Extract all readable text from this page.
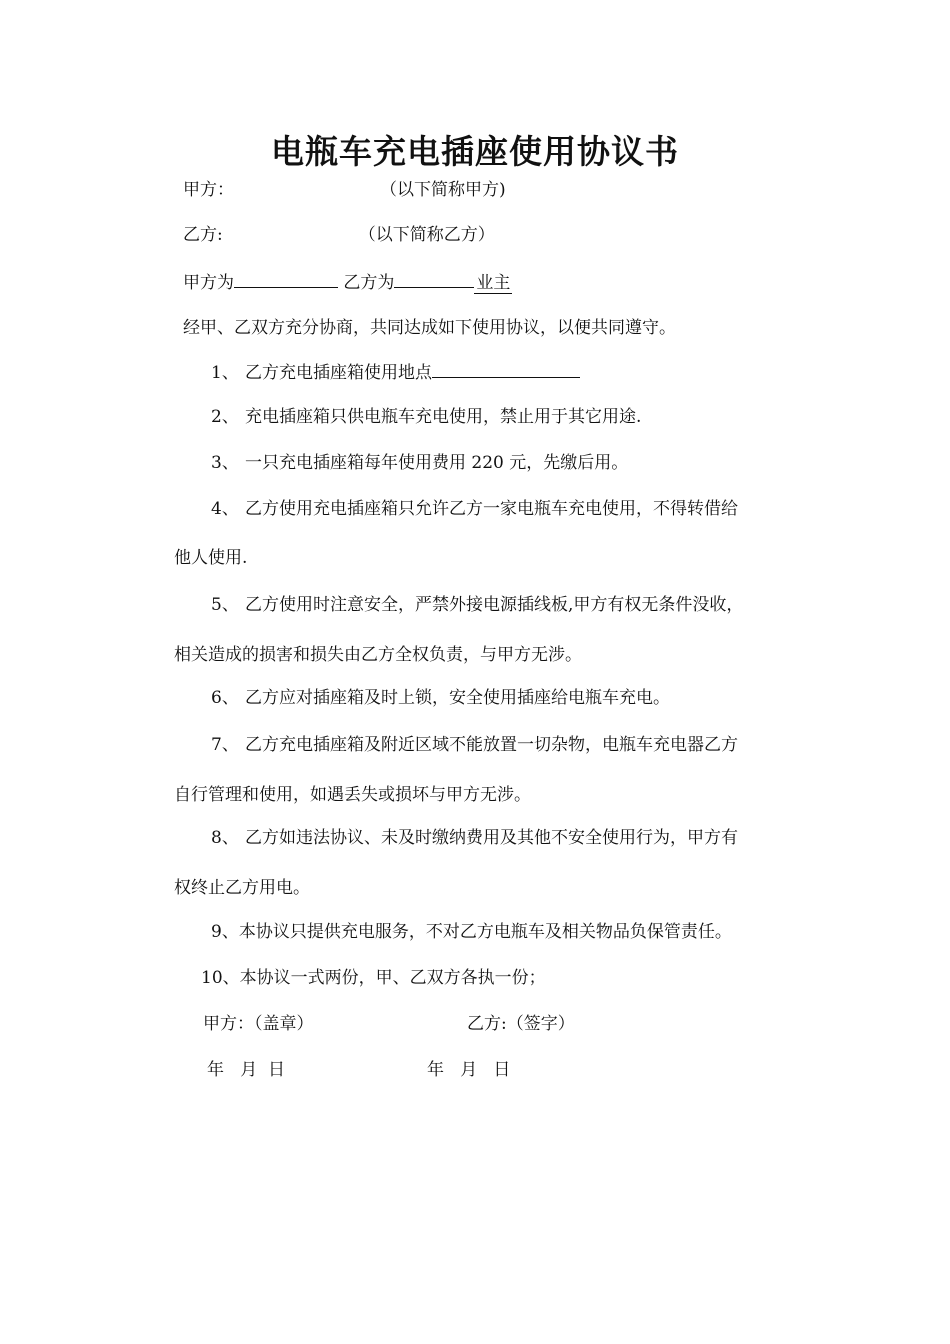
电瓶车充电插座使用协议书
甲方：	（以下简称甲方)
乙方:	（以下简称乙方）
甲方为	乙方为	业主
经甲、乙双方充分协商，共同达成如下使用协议，以便共同遵守。
1、 乙方充电插座箱使用地点
2、 充电插座箱只供电瓶车充电使用，禁止用于其它用途.
3、 一只充电插座箱每年使用费用 220 元，先缴后用。
4、 乙方使用充电插座箱只允许乙方一家电瓶车充电使用，不得转借给
他人使用.
5、 乙方使用时注意安全，严禁外接电源插线板,甲方有权无条件没收，
相关造成的损害和损失由乙方全权负责，与甲方无涉。
6、 乙方应对插座箱及时上锁，安全使用插座给电瓶车充电。
7、 乙方充电插座箱及附近区域不能放置一切杂物，电瓶车充电器乙方
自行管理和使用，如遇丢失或损坏与甲方无涉。
8、 乙方如违法协议、未及时缴纳费用及其他不安全使用行为，甲方有
权终止乙方用电。
9、本协议只提供充电服务，不对乙方电瓶车及相关物品负保管责任。
10、本协议一式两份，甲、乙双方各执一份；
甲方：（盖章）	乙方:（签字）
年   月  日	年   月   日
